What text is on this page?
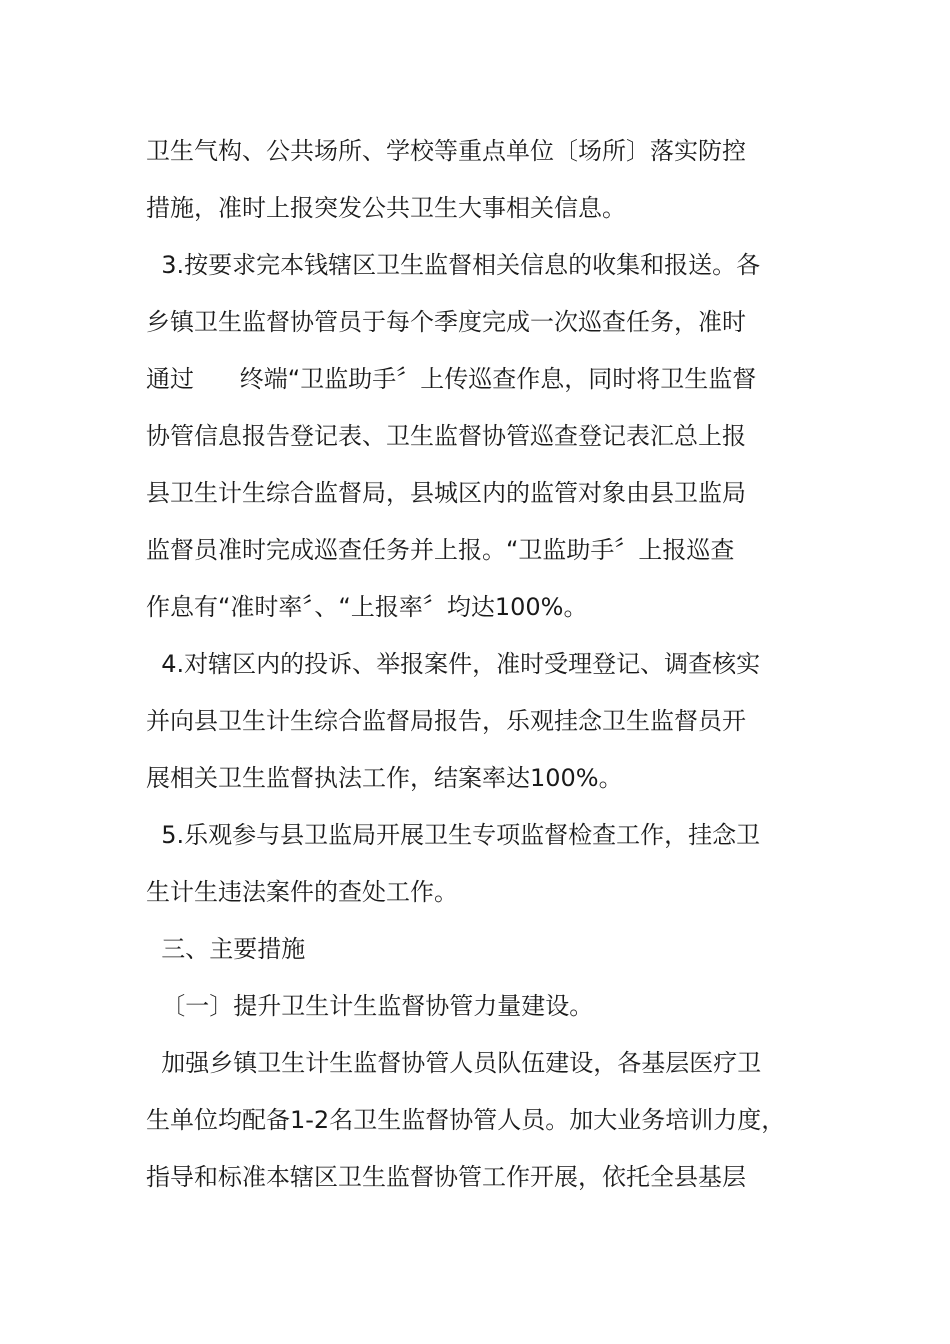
卫生气构、公共场所、学校等重点单位〔场所〕落实防控
措施，准时上报突发公共卫生大事相关信息。
3.按要求完本钱辖区卫生监督相关信息的收集和报送。各
乡镇卫生监督协管员于每个季度完成一次巡查任务，准时
通过      终端“卫监助手〞上传巡查作息，同时将卫生监督
协管信息报告登记表、卫生监督协管巡查登记表汇总上报
县卫生计生综合监督局，县城区内的监管对象由县卫监局
监督员准时完成巡查任务并上报。“卫监助手〞上报巡查
作息有“准时率〞、“上报率〞均达100%。
4.对辖区内的投诉、举报案件，准时受理登记、调查核实
并向县卫生计生综合监督局报告，乐观挂念卫生监督员开
展相关卫生监督执法工作，结案率达100%。
5.乐观参与县卫监局开展卫生专项监督检查工作，挂念卫
生计生违法案件的查处工作。
三、主要措施
〔一〕提升卫生计生监督协管力量建设。
加强乡镇卫生计生监督协管人员队伍建设，各基层医疗卫
生单位均配备1-2名卫生监督协管人员。加大业务培训力度，
指导和标准本辖区卫生监督协管工作开展，依托全县基层
